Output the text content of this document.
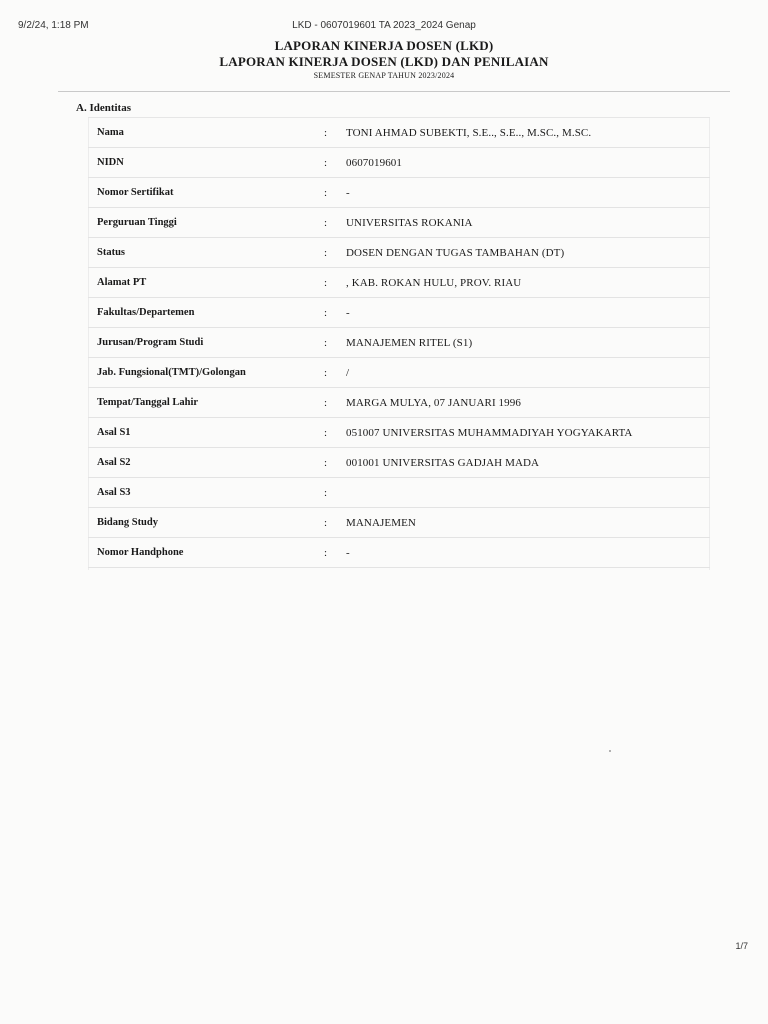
9/2/24, 1:18 PM	LKD - 0607019601 TA 2023_2024 Genap
LAPORAN KINERJA DOSEN (LKD)
LAPORAN KINERJA DOSEN (LKD) DAN PENILAIAN
SEMESTER GENAP TAHUN 2023/2024
A. Identitas
Nama	:	TONI AHMAD SUBEKTI, S.E.., S.E.., M.SC., M.SC.
NIDN	:	0607019601
Nomor Sertifikat	:	-
Perguruan Tinggi	:	UNIVERSITAS ROKANIA
Status	:	DOSEN DENGAN TUGAS TAMBAHAN (DT)
Alamat PT	:	, KAB. ROKAN HULU, PROV. RIAU
Fakultas/Departemen	:	-
Jurusan/Program Studi	:	MANAJEMEN RITEL (S1)
Jab. Fungsional(TMT)/Golongan	:	/
Tempat/Tanggal Lahir	:	MARGA MULYA, 07 JANUARI 1996
Asal S1	:	051007 UNIVERSITAS MUHAMMADIYAH YOGYAKARTA
Asal S2	:	001001 UNIVERSITAS GADJAH MADA
Asal S3	:	
Bidang Study	:	MANAJEMEN
Nomor Handphone	:	-
1/7
